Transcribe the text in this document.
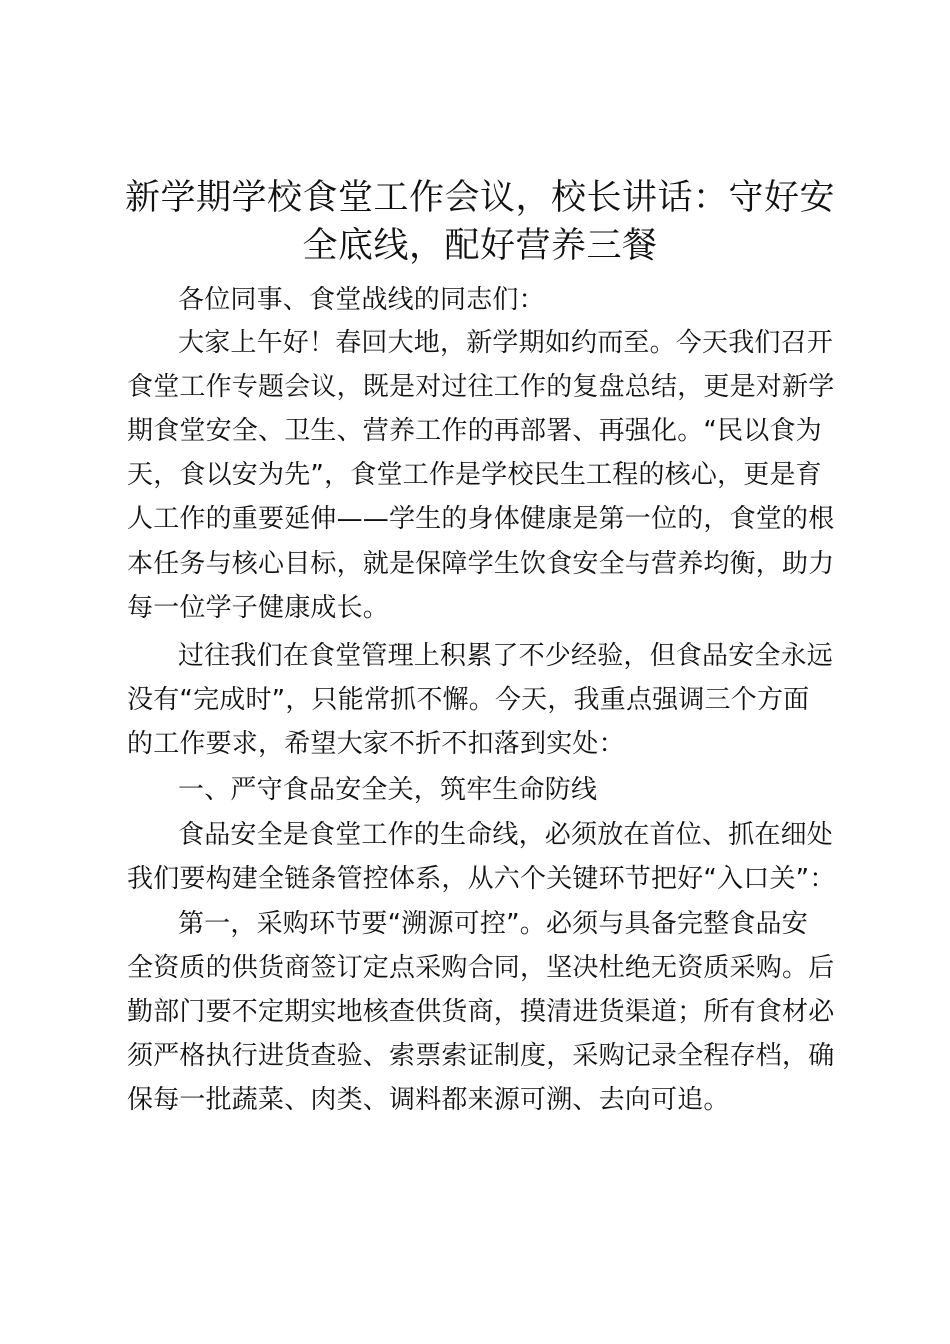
新学期学校食堂工作会议，校长讲话：守好安
全底线，配好营养三餐
各位同事、食堂战线的同志们：
大家上午好！春回大地，新学期如约而至。今天我们召开
食堂工作专题会议，既是对过往工作的复盘总结，更是对新学
期食堂安全、卫生、营养工作的再部署、再强化。“民以食为
天，食以安为先”，食堂工作是学校民生工程的核心，更是育
人工作的重要延伸——学生的身体健康是第一位的，食堂的根
本任务与核心目标，就是保障学生饮食安全与营养均衡，助力
每一位学子健康成长。
过往我们在食堂管理上积累了不少经验，但食品安全永远
没有“完成时”，只能常抓不懈。今天，我重点强调三个方面
的工作要求，希望大家不折不扣落到实处：
一、严守食品安全关，筑牢生命防线
食品安全是食堂工作的生命线，必须放在首位、抓在细处
我们要构建全链条管控体系，从六个关键环节把好“入口关”：
第一，采购环节要“溯源可控”。必须与具备完整食品安
全资质的供货商签订定点采购合同，坚决杜绝无资质采购。后
勤部门要不定期实地核查供货商，摸清进货渠道；所有食材必
须严格执行进货查验、索票索证制度，采购记录全程存档，确
保每一批蔬菜、肉类、调料都来源可溯、去向可追。
